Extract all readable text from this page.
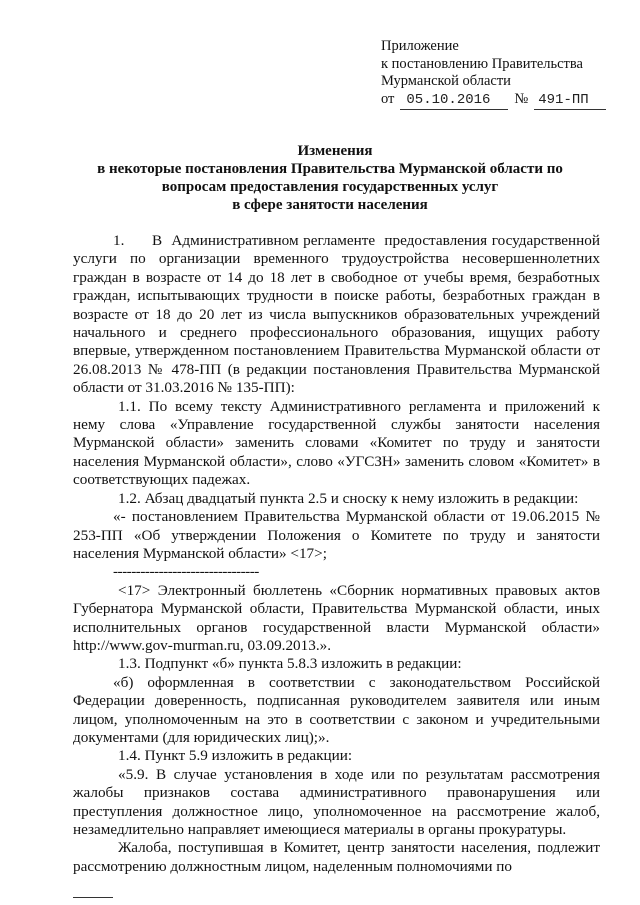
Приложение
к постановлению Правительства
Мурманской области
от 05.10.2016	№ 491-ПП
Изменения
в некоторые постановления Правительства Мурманской области по
вопросам предоставления государственных услуг
в сфере занятости населения

1.      В  Административном регламенте  предоставления государственной услуги по организации временного трудоустройства несовершеннолетних граждан в возрасте от 14 до 18 лет в свободное от учебы время, безработных граждан, испытывающих трудности в поиске работы, безработных граждан в возрасте от 18 до 20 лет из числа выпускников образовательных учреждений начального и среднего профессионального образования, ищущих работу впервые, утвержденном постановлением Правительства Мурманской области от 26.08.2013 № 478-ПП (в редакции постановления Правительства Мурманской области от 31.03.2016 № 135-ПП):

1.1. По всему тексту Административного регламента и приложений к нему слова «Управление государственной службы занятости населения Мурманской области» заменить словами «Комитет по труду и занятости населения Мурманской области», слово «УГСЗН» заменить словом «Комитет» в соответствующих падежах.

1.2. Абзац двадцатый пункта 2.5 и сноску к нему изложить в редакции:

«- постановлением Правительства Мурманской области от 19.06.2015 № 253-ПП «Об утверждении Положения о Комитете по труду и занятости населения Мурманской области» <17>;

--------------------------------

<17> Электронный бюллетень «Сборник нормативных правовых актов Губернатора Мурманской области, Правительства Мурманской области, иных исполнительных органов государственной власти Мурманской области» http://www.gov-murman.ru, 03.09.2013.».

1.3. Подпункт «б» пункта 5.8.3 изложить в редакции:

«б) оформленная в соответствии с законодательством Российской Федерации доверенность, подписанная руководителем заявителя или иным лицом, уполномоченным на это в соответствии с законом и учредительными документами (для юридических лиц);».

1.4. Пункт 5.9 изложить в редакции:

«5.9. В случае установления в ходе или по результатам рассмотрения жалобы признаков состава административного правонарушения или преступления должностное лицо, уполномоченное на рассмотрение жалоб, незамедлительно направляет имеющиеся материалы в органы прокуратуры.

Жалоба, поступившая в Комитет, центр занятости населения, подлежит рассмотрению должностным лицом, наделенным полномочиями по
